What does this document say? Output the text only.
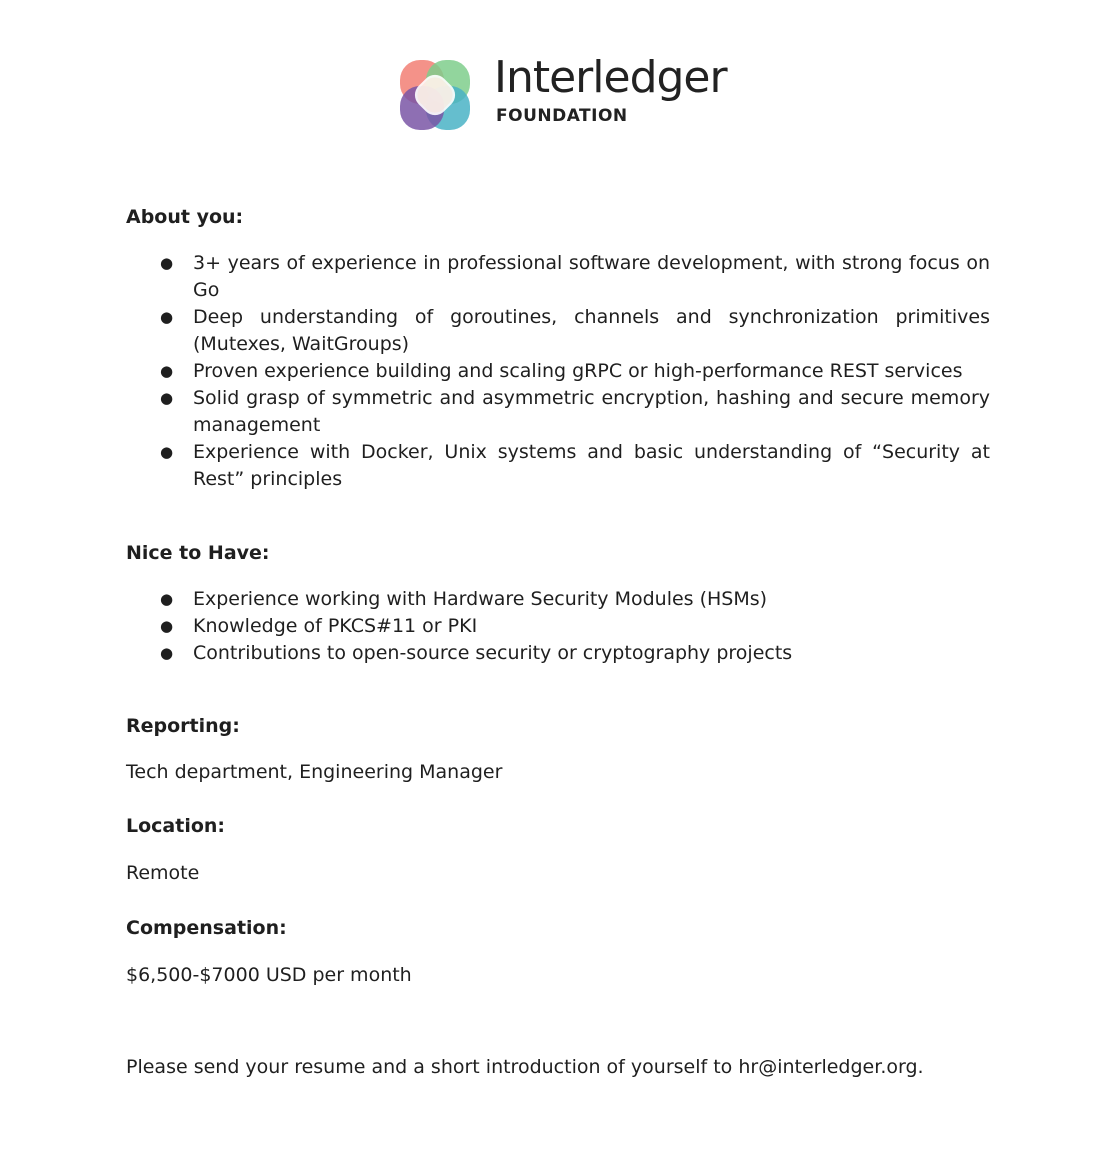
Interledger
FOUNDATION
About you:
● 3+ years of experience in professional software development, with strong focus on Go
● Deep understanding of goroutines, channels and synchronization primitives (Mutexes, WaitGroups)
● Proven experience building and scaling gRPC or high-performance REST services
● Solid grasp of symmetric and asymmetric encryption, hashing and secure memory management
● Experience with Docker, Unix systems and basic understanding of “Security at Rest” principles
Nice to Have:
● Experience working with Hardware Security Modules (HSMs)
● Knowledge of PKCS#11 or PKI
● Contributions to open-source security or cryptography projects
Reporting:
Tech department, Engineering Manager
Location:
Remote
Compensation:
$6,500-$7000 USD per month
Please send your resume and a short introduction of yourself to hr@interledger.org.
